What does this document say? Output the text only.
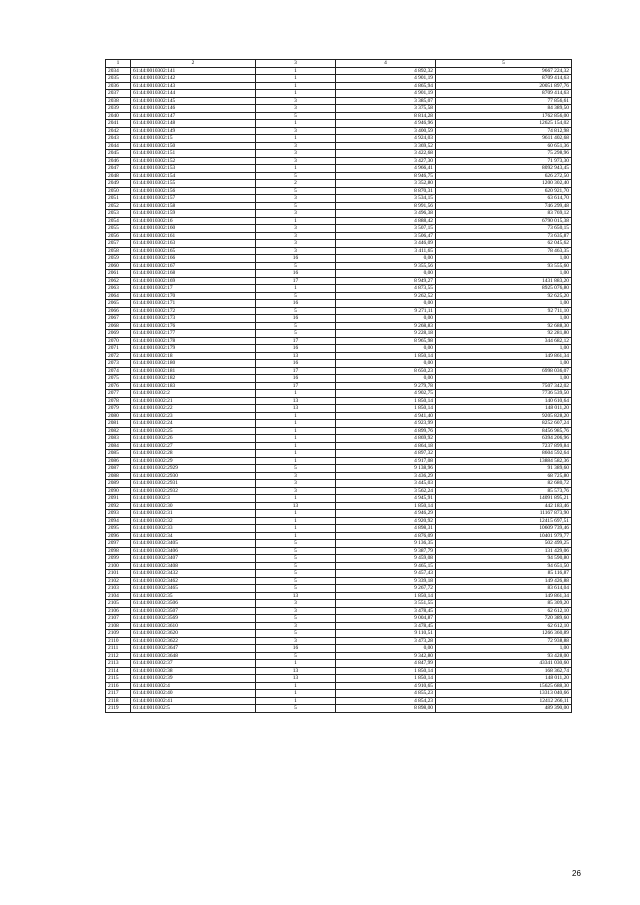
1	2	3	4	5
2034	61:44:0010302:141	1	4 892,32	9667 224,32
2035	61:44:0010302:142	1	4 901,19	8709 414,63
2036	61:44:0010302:143	1	4 865,94	20051 897,76
2037	61:44:0010302:144	1	4 901,19	8709 414,63
2038	61:44:0010302:145	3	3 385,07	77 856,61
2039	61:44:0010302:146	3	3 375,58	84 389,50
2040	61:44:0010302:147	5	8 814,28	1762 856,00
2041	61:44:0010302:148	1	4 946,96	12625 154,02
2042	61:44:0010302:149	3	3 400,59	74 812,98
2043	61:44:0010302:15	1	4 924,03	9611 402,68
2044	61:44:0010302:150	3	3 369,52	60 651,36
2045	61:44:0010302:151	3	3 422,68	75 298,96
2046	61:44:0010302:152	3	3 427,30	71 973,30
2047	61:44:0010302:153	1	4 966,41	8092 943,45
2048	61:44:0010302:154	5	8 946,75	626 272,50
2049	61:44:0010302:155	2	3 352,80	1200 302,40
2050	61:44:0010302:156	5	8 870,31	620 921,70
2051	61:44:0010302:157	3	3 534,15	63 614,70
2052	61:44:0010302:158	5	8 991,56	746 299,48
2053	61:44:0010302:159	3	3 496,38	83 769,12
2054	61:44:0010302:16	1	4 888,42	6790 015,38
2055	61:44:0010302:160	3	3 507,15	73 650,15
2056	61:44:0010302:161	3	3 506,47	73 635,87
2057	61:44:0010302:163	3	3 446,09	62 045,62
2058	61:44:0010302:165	3	3 411,65	78 463,35
2059	61:44:0010302:166	16	0,00	1,00
2060	61:44:0010302:167	5	9 355,56	93 555,60
2061	61:44:0010302:168	16	0,00	1,00
2062	61:44:0010302:169	17	8 949,27	1431 883,20
2063	61:44:0010302:17	1	4 873,55	8925 076,80
2064	61:44:0010302:170	5	9 262,52	92 625,20
2065	61:44:0010302:171	16	0,00	1,00
2066	61:44:0010302:172	5	9 271,11	92 711,10
2067	61:44:0010302:173	16	0,00	1,00
2068	61:44:0010302:176	5	9 268,83	92 688,30
2069	61:44:0010302:177	5	9 228,18	92 281,80
2070	61:44:0010302:178	17	8 965,98	344 682,12
2071	61:44:0010302:179	16	0,00	1,00
2072	61:44:0010302:18	13	1 850,14	149 861,34
2073	61:44:0010302:180	16	0,00	1,00
2074	61:44:0010302:181	17	8 650,23	6998 036,07
2075	61:44:0010302:182	16	0,00	1,00
2076	61:44:0010302:183	17	9 279,78	7507 342,02
2077	61:44:0010302:2	1	4 902,75	7736 539,50
2078	61:44:0010302:21	13	1 850,14	140 610,64
2079	61:44:0010302:22	13	1 850,14	148 011,20
2080	61:44:0010302:23	1	4 941,40	9205 828,20
2081	61:44:0010302:24	1	4 923,99	8252 607,24
2082	61:44:0010302:25	1	4 899,76	8456 985,76
2083	61:44:0010302:26	1	4 869,92	6394 206,96
2084	61:44:0010302:27	1	4 864,18	7237 899,84
2085	61:44:0010302:28	1	4 897,32	8604 592,64
2086	61:44:0010302:29	1	4 917,08	13884 582,36
2087	61:44:0010302:2929	5	9 138,96	91 389,60
2088	61:44:0010302:2930	3	3 436,29	68 725,80
2089	61:44:0010302:2931	3	3 445,03	82 680,72
2090	61:44:0010302:2932	3	3 562,24	85 573,76
2091	61:44:0010302:3	1	4 945,91	14091 895,21
2092	61:44:0010302:30	13	1 850,14	442 183,46
2093	61:44:0010302:31	1	4 946,29	11167 873,90
2094	61:44:0010302:32	1	4 920,92	12415 697,51
2095	61:44:0010302:33	1	4 898,31	10609 739,46
2096	61:44:0010302:34	1	4 876,09	10401 979,77
2097	61:44:0010302:3405	5	9 136,35	502 499,25
2098	61:44:0010302:3406	5	9 387,79	131 429,06
2099	61:44:0010302:3407	5	9 459,08	94 590,80
2100	61:44:0010302:3408	5	9 465,15	94 651,50
2101	61:44:0010302:3432	5	9 457,43	85 116,87
2102	61:44:0010302:3462	5	9 339,18	149 426,88
2103	61:44:0010302:3465	5	9 267,72	83 614,04
2104	61:44:0010302:35	13	1 850,14	149 861,34
2105	61:44:0010302:3506	3	3 551,55	85 309,20
2106	61:44:0010302:3507	3	3 478,45	62 612,10
2107	61:44:0010302:3569	5	9 004,87	720 389,60
2108	61:44:0010302:3610	3	3 478,45	62 612,10
2109	61:44:0010302:3620	5	9 110,51	1266 360,89
2110	61:44:0010302:3622	3	3 473,28	72 938,88
2111	61:44:0010302:3647	16	0,00	1,00
2112	61:44:0010302:3648	5	9 342,80	93 428,00
2113	61:44:0010302:37	1	4 847,99	43341 030,60
2114	61:44:0010302:38	13	1 850,14	168 362,74
2115	61:44:0010302:39	13	1 850,14	148 011,20
2116	61:44:0010302:4	1	4 910,65	15625 688,30
2117	61:44:0010302:40	1	4 855,23	13313 040,66
2118	61:44:0010302:41	1	4 854,23	12412 266,11
2119	61:44:0010302:5	5	8 898,00	489 390,00
26
